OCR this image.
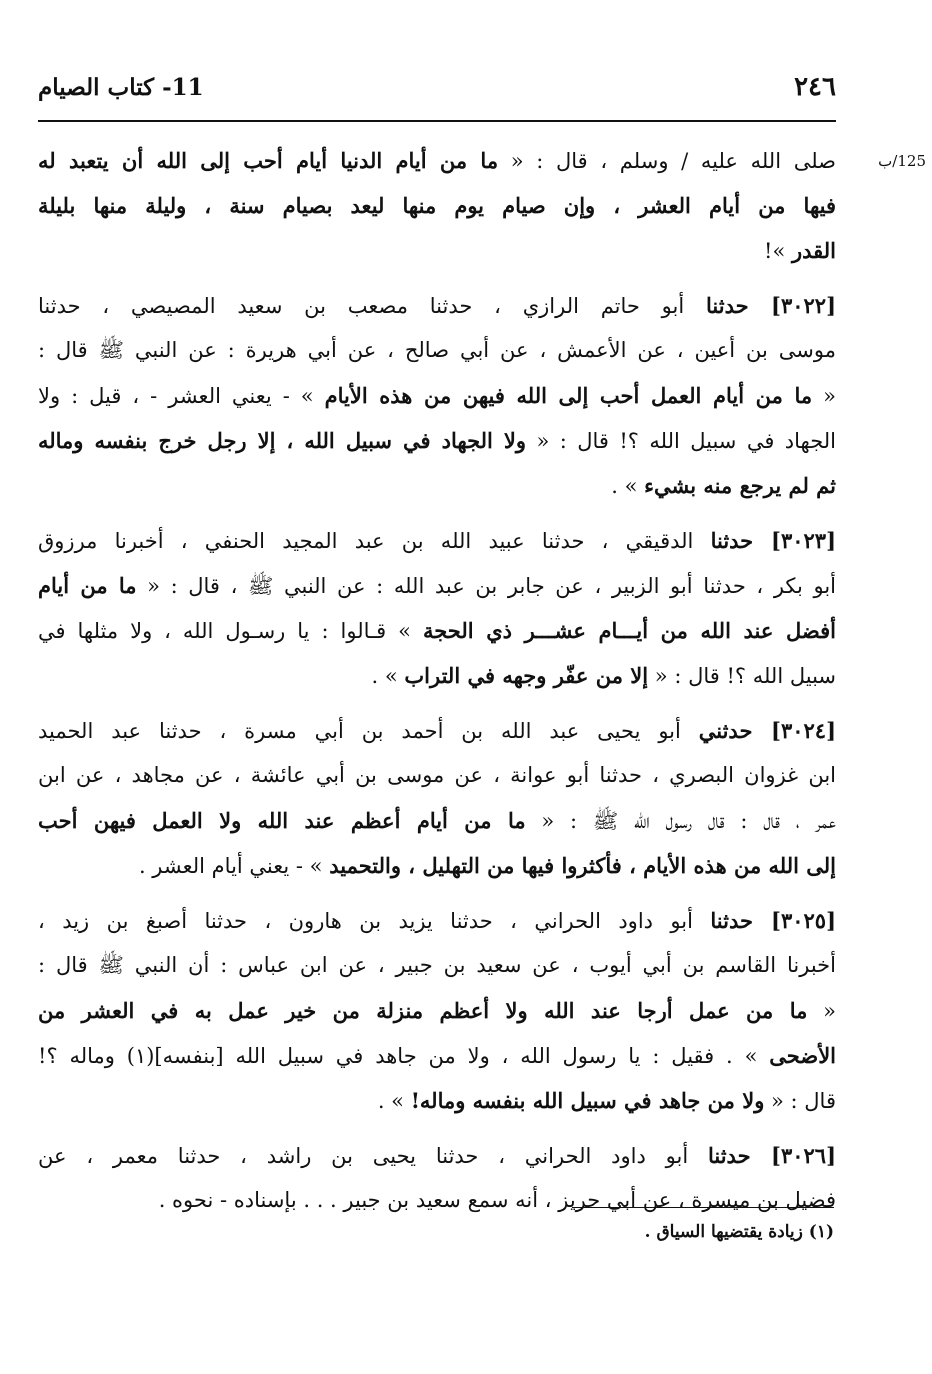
٢٤٦
11- كتاب الصيام
125/ب
صلى الله عليه / وسلم ، قال : « ما من أيام الدنيا أيام أحب إلى الله أن يتعبد له
فيها من أيام العشر ، وإن صيام يوم منها ليعد بصيام سنة ، وليلة منها بليلة
القدر »!
[٣٠٢٢] حدثنا أبو حاتم الرازي ، حدثنا مصعب بن سعيد المصيصي ، حدثنا
موسى بن أعين ، عن الأعمش ، عن أبي صالح ، عن أبي هريرة : عن النبي ﷺ قال :
« ما من أيام العمل أحب إلى الله فيهن من هذه الأيام » - يعني العشر - ، قيل : ولا
الجهاد في سبيل الله ؟! قال : « ولا الجهاد في سبيل الله ، إلا رجل خرج بنفسه وماله
ثم لم يرجع منه بشيء » .
[٣٠٢٣] حدثنا الدقيقي ، حدثنا عبيد الله بن عبد المجيد الحنفي ، أخبرنا مرزوق
أبو بكر ، حدثنا أبو الزبير ، عن جابر بن عبد الله : عن النبي ﷺ ، قال : « ما من أيام
أفضل عند الله من أيـــام عشـــر ذي الحجة » قـالوا : يا رسـول الله ، ولا مثلها في
سبيل الله ؟! قال : « إلا من عفّر وجهه في التراب » .
[٣٠٢٤] حدثني أبو يحيى عبد الله بن أحمد بن أبي مسرة ، حدثنا عبد الحميد
ابن غزوان البصري ، حدثنا أبو عوانة ، عن موسى بن أبي عائشة ، عن مجاهد ، عن ابن
عمر ، قال : قال رسول الله ﷺ : « ما من أيام أعظم عند الله ولا العمل فيهن أحب
إلى الله من هذه الأيام ، فأكثروا فيها من التهليل ، والتحميد » - يعني أيام العشر .
[٣٠٢٥] حدثنا أبو داود الحراني ، حدثنا يزيد بن هارون ، حدثنا أصبغ بن زيد ،
أخبرنا القاسم بن أبي أيوب ، عن سعيد بن جبير ، عن ابن عباس : أن النبي ﷺ قال :
« ما من عمل أرجا عند الله ولا أعظم منزلة من خير عمل به في العشر من
الأضحى » . فقيل : يا رسول الله ، ولا من جاهد في سبيل الله [بنفسه](١) وماله ؟!
قال : « ولا من جاهد في سبيل الله بنفسه وماله! » .
[٣٠٢٦] حدثنا أبو داود الحراني ، حدثنا يحيى بن راشد ، حدثنا معمر ، عن
فضيل بن ميسرة ، عن أبي حريز ، أنه سمع سعيد بن جبير . . . بإسناده - نحوه .
(١) زيادة يقتضيها السياق .
